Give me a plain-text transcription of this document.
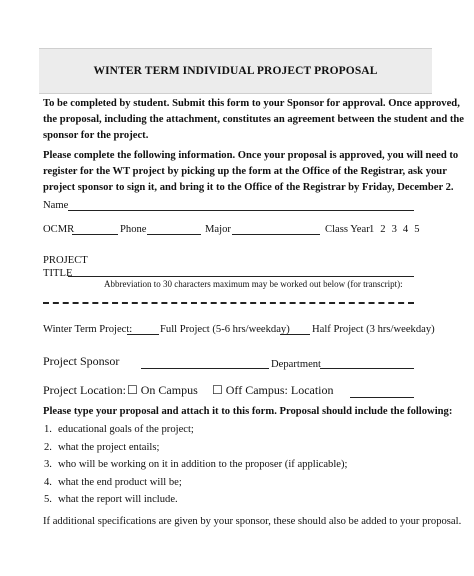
WINTER TERM INDIVIDUAL PROJECT PROPOSAL
To be completed by student. Submit this form to your Sponsor for approval. Once approved,
the proposal, including the attachment, constitutes an agreement between the student and the
sponsor for the project.
Please complete the following information. Once your proposal is approved, you will need to
register for the WT project by picking up the form at the Office of the Registrar, ask your
project sponsor to sign it, and bring it to the Office of the Registrar by Friday, December 2.
Name
OCMR	Phone	Major	Class Year 1 2 3 4 5
PROJECT
TITLE
Abbreviation to 30 characters maximum may be worked out below (for transcript):
Winter Term Project:	Full Project (5-6 hrs/weekday) Half Project (3 hrs/weekday)
Project Sponsor	Department
Project Location: ☐ On Campus ☐ Off Campus: Location
Please type your proposal and attach it to this form. Proposal should include the following:
1. educational goals of the project;
2. what the project entails;
3. who will be working on it in addition to the proposer (if applicable);
4. what the end product will be;
5. what the report will include.
If additional specifications are given by your sponsor, these should also be added to your proposal.
